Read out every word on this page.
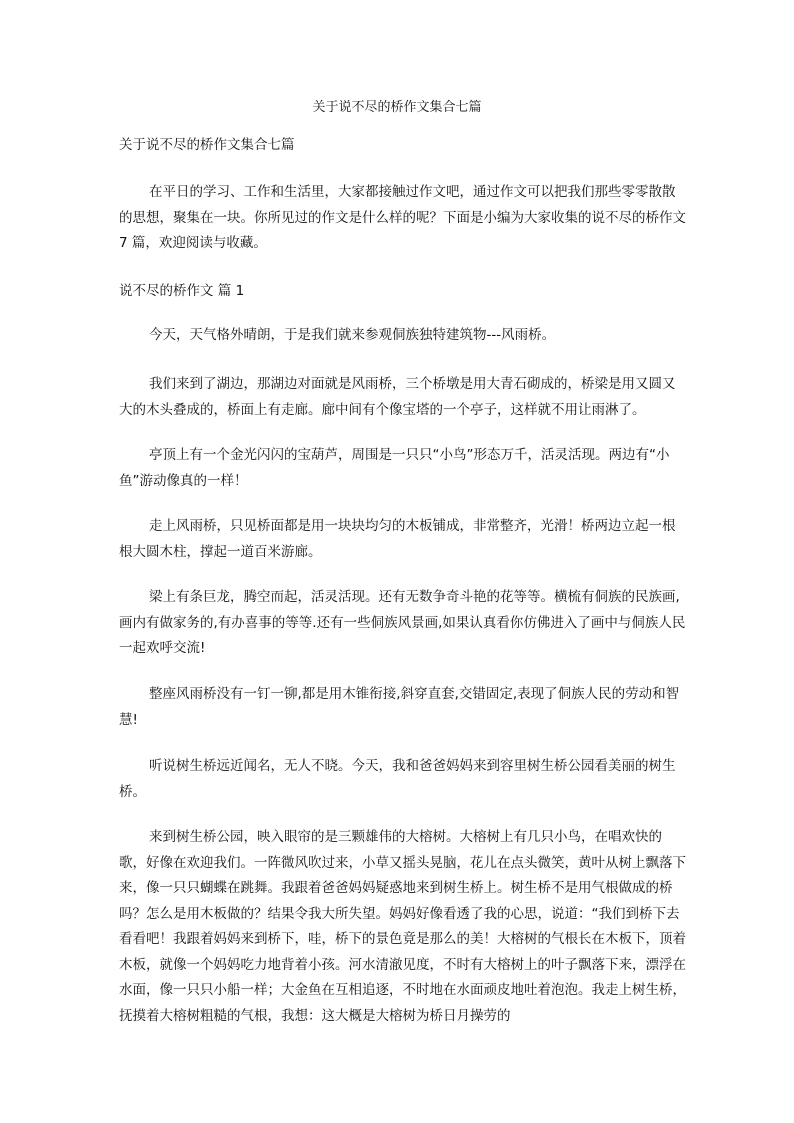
关于说不尽的桥作文集合七篇

关于说不尽的桥作文集合七篇

在平日的学习、工作和生活里，大家都接触过作文吧，通过作文可以把我们那些零零散散的思想，聚集在一块。你所见过的作文是什么样的呢？下面是小编为大家收集的说不尽的桥作文 7 篇，欢迎阅读与收藏。

说不尽的桥作文 篇 1

今天，天气格外晴朗，于是我们就来参观侗族独特建筑物---风雨桥。

我们来到了湖边，那湖边对面就是风雨桥，三个桥墩是用大青石砌成的，桥梁是用又圆又大的木头叠成的，桥面上有走廊。廊中间有个像宝塔的一个亭子，这样就不用让雨淋了。

亭顶上有一个金光闪闪的宝葫芦，周围是一只只“小鸟”形态万千，活灵活现。两边有“小鱼”游动像真的一样！

走上风雨桥，只见桥面都是用一块块均匀的木板铺成，非常整齐，光滑！桥两边立起一根根大圆木柱，撑起一道百米游廊。

梁上有条巨龙，腾空而起，活灵活现。还有无数争奇斗艳的花等等。横梳有侗族的民族画,画内有做家务的,有办喜事的等等.还有一些侗族风景画,如果认真看你仿佛进入了画中与侗族人民一起欢呼交流!

整座风雨桥没有一钉一铆,都是用木锥衔接,斜穿直套,交错固定,表现了侗族人民的劳动和智慧!

听说树生桥远近闻名，无人不晓。今天，我和爸爸妈妈来到容里树生桥公园看美丽的树生桥。

来到树生桥公园，映入眼帘的是三颗雄伟的大榕树。大榕树上有几只小鸟，在唱欢快的歌，好像在欢迎我们。一阵微风吹过来，小草又摇头晃脑，花儿在点头微笑，黄叶从树上飘落下来，像一只只蝴蝶在跳舞。我跟着爸爸妈妈疑惑地来到树生桥上。树生桥不是用气根做成的桥吗？怎么是用木板做的？结果令我大所失望。妈妈好像看透了我的心思，说道：“我们到桥下去看看吧！我跟着妈妈来到桥下，哇，桥下的景色竟是那么的美！大榕树的气根长在木板下，顶着木板，就像一个妈妈吃力地背着小孩。河水清澈见度，不时有大榕树上的叶子飘落下来，漂浮在水面，像一只只小船一样；大金鱼在互相追逐，不时地在水面顽皮地吐着泡泡。我走上树生桥，抚摸着大榕树粗糙的气根，我想：这大概是大榕树为桥日月操劳的
